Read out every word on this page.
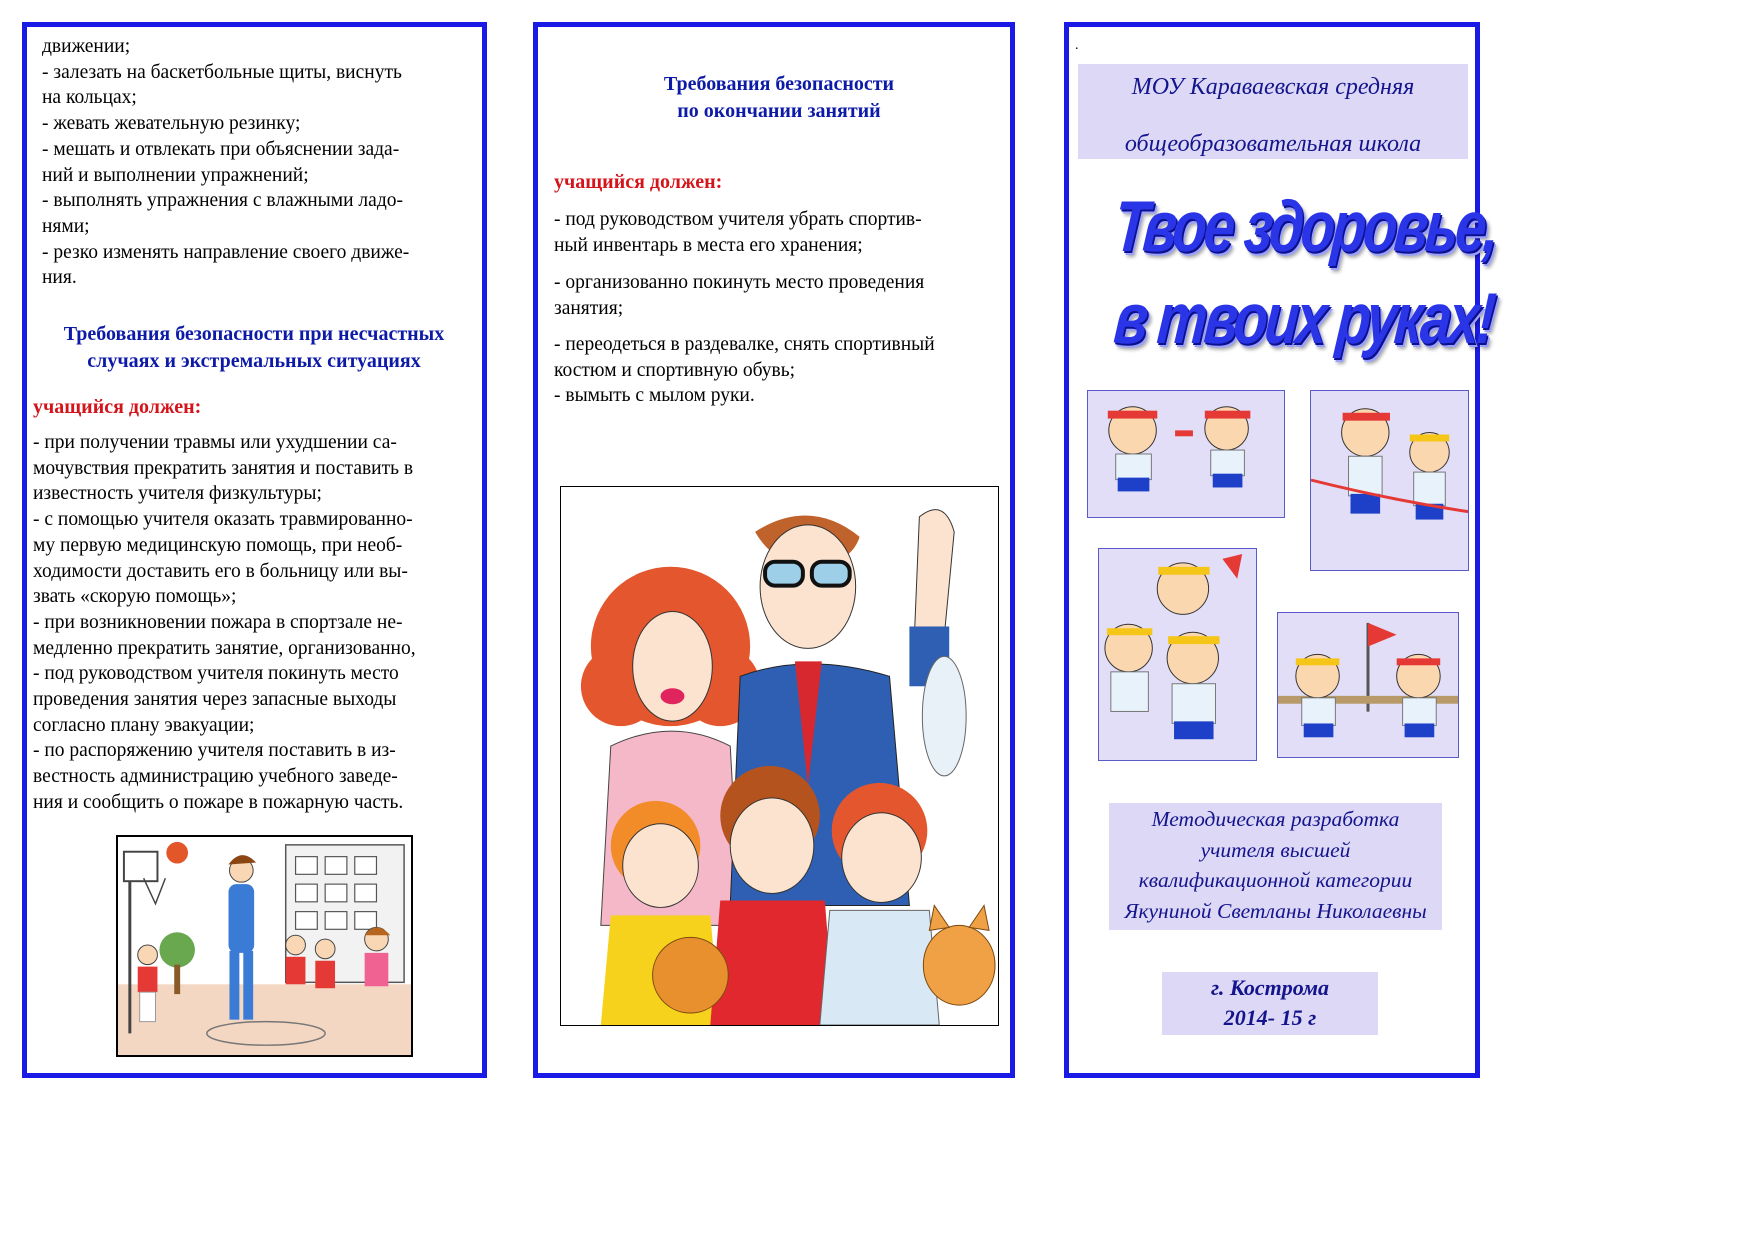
движении;
- залезать на баскетбольные щиты, виснуть
на кольцах;
- жевать жевательную резинку;
- мешать и отвлекать при объяснении зада-
ний и выполнении упражнений;
- выполнять упражнения с влажными ладо-
нями;
- резко изменять направление своего движе-
ния.
Требования безопасности при несчастных
случаях и экстремальных ситуациях
учащийся должен:
- при получении травмы или ухудшении са-
мочувствия прекратить занятия и поставить в
известность учителя физкультуры;
- с помощью учителя оказать травмированно-
му первую медицинскую помощь, при необ-
ходимости доставить его в больницу или вы-
звать «скорую помощь»;
- при возникновении пожара в спортзале не-
медленно прекратить занятие, организованно,
- под руководством учителя покинуть место
проведения занятия через запасные выходы
согласно плану эвакуации;
- по распоряжению учителя поставить в из-
вестность администрацию учебного заведе-
ния и сообщить о пожаре в пожарную часть.
Требования безопасности
по окончании занятий
учащийся должен:
- под руководством учителя убрать спортив-
ный инвентарь в места его хранения;
- организованно покинуть место проведения
занятия;
- переодеться в раздевалке, снять спортивный
костюм и спортивную обувь;
- вымыть с мылом руки.
.
МОУ Караваевская средняя
общеобразовательная школа
Твое здоровье,
в твоих руках!
Методическая разработка
учителя высшей
квалификационной категории
Якуниной Светланы Николаевны
г. Кострома
2014- 15 г
